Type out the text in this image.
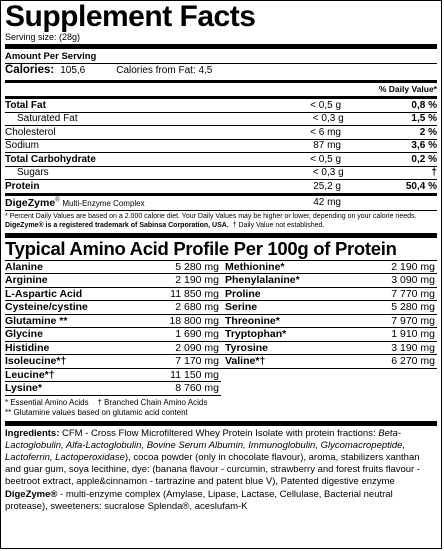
Supplement Facts
Serving size: (28g)
Amount Per Serving
Calories: 105,6	Calories from Fat: 4,5
% Daily Value*
Total Fat	< 0,5 g	0,8 %
Saturated Fat	< 0,3 g	1,5 %
Cholesterol	< 6 mg	2 %
Sodium	87 mg	3,6 %
Total Carbohydrate	< 0,5 g	0,2 %
Sugars	< 0,3 g	†
Protein	25,2 g	50,4 %
DigeZyme® Multi-Enzyme Complex	42 mg
* Percent Daily Values are based on a 2.000 calorie diet. Your Daily Values may be higher or lower, depending on your calorie needs.
DigeZyme® is a registered trademark of Sabinsa Corporation, USA. † Daily Value not established.
Typical Amino Acid Profile Per 100g of Protein
Alanine	5 280 mg
Arginine	2 190 mg
L-Aspartic Acid	11 850 mg
Cysteine/cystine	2 680 mg
Glutamine **	18 800 mg
Glycine	1 690 mg
Histidine	2 090 mg
Isoleucine*†	7 170 mg
Leucine*†	11 150 mg
Lysine*	8 760 mg
Methionine*	2 190 mg
Phenylalanine*	3 090 mg
Proline	7 770 mg
Serine	5 280 mg
Threonine*	7 970 mg
Tryptophan*	1 910 mg
Tyrosine	3 190 mg
Valine*†	6 270 mg
* Essential Amino Acids † Branched Chain Amino Acids
** Glutamine values based on glutamic acid content
Ingredients: CFM - Cross Flow Microfiltered Whey Protein Isolate with protein fractions: Beta-Lactoglobulin, Alfa-Lactoglobulin, Bovine Serum Albumin, Immunoglobulin, Glycomacropeptide, Lactoferrin, Lactoperoxidase), cocoa powder (only in chocolate flavour), aroma, stabilizers xanthan and guar gum, soya lecithine, dye: (banana flavour - curcumin, strawberry and forest fruits flavour - beetroot extract, apple&cinnamon - tartrazine and patent blue V), Patented digestive enzyme DigeZyme® - multi-enzyme complex (Amylase, Lipase, Lactase, Cellulase, Bacterial neutral protease), sweeteners: sucralose Splenda®, aceslufam-K
